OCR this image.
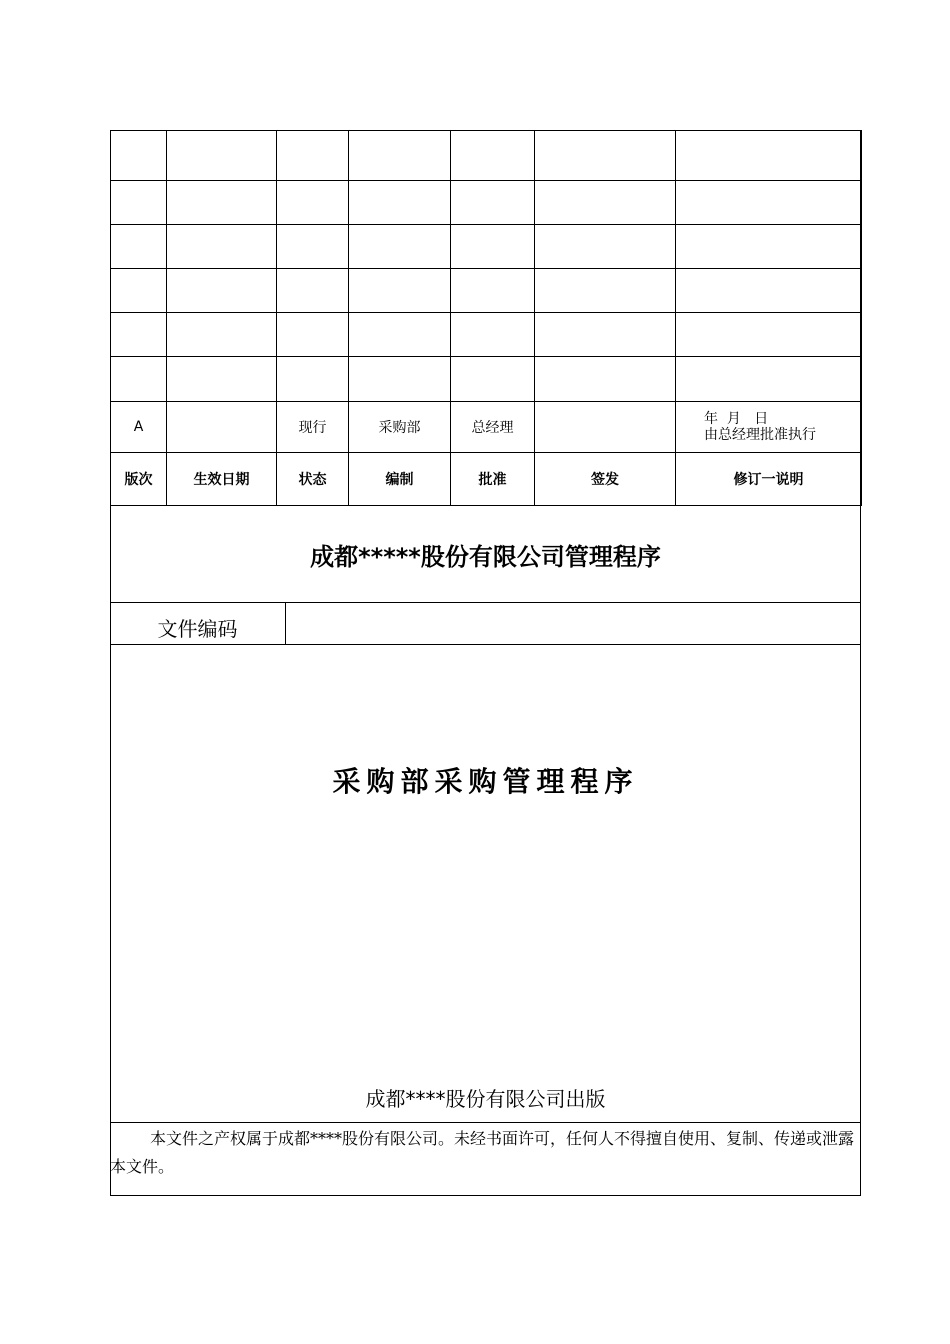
A		现行	采购部	总经理		年  月   日
由总经理批准执行

版次	生效日期	状态	编制	批准	签发	修订一说明
成都*****股份有限公司管理程序
文件编码
采购部采购管理程序
成都****股份有限公司出版
本文件之产权属于成都****股份有限公司。未经书面许可，任何人不得擅自使用、复制、传递或泄露本文件。
